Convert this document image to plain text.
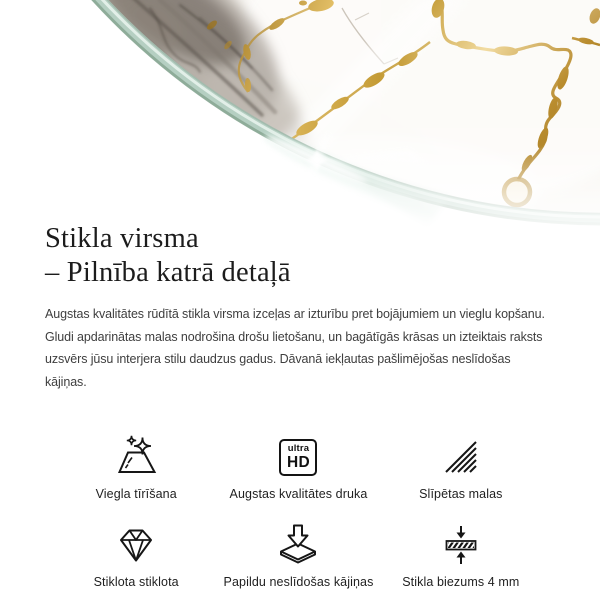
Stikla virsma
– Pilnība katrā detaļā

Augstas kvalitātes rūdītā stikla virsma izceļas ar izturību pret bojājumiem un vieglu kopšanu. Gludi apdarinātas malas nodrošina drošu lietošanu, un bagātīgās krāsas un izteiktais raksts uzsvērs jūsu interjera stilu daudzus gadus. Dāvanā iekļautas pašlimējošas neslīdošas kājiņas.

Viegla tīrīšana
ultra
HD
Augstas kvalitātes druka	Slīpētas malas
Stiklota stiklota	Papildu neslīdošas kājiņas Stikla biezums 4 mm
